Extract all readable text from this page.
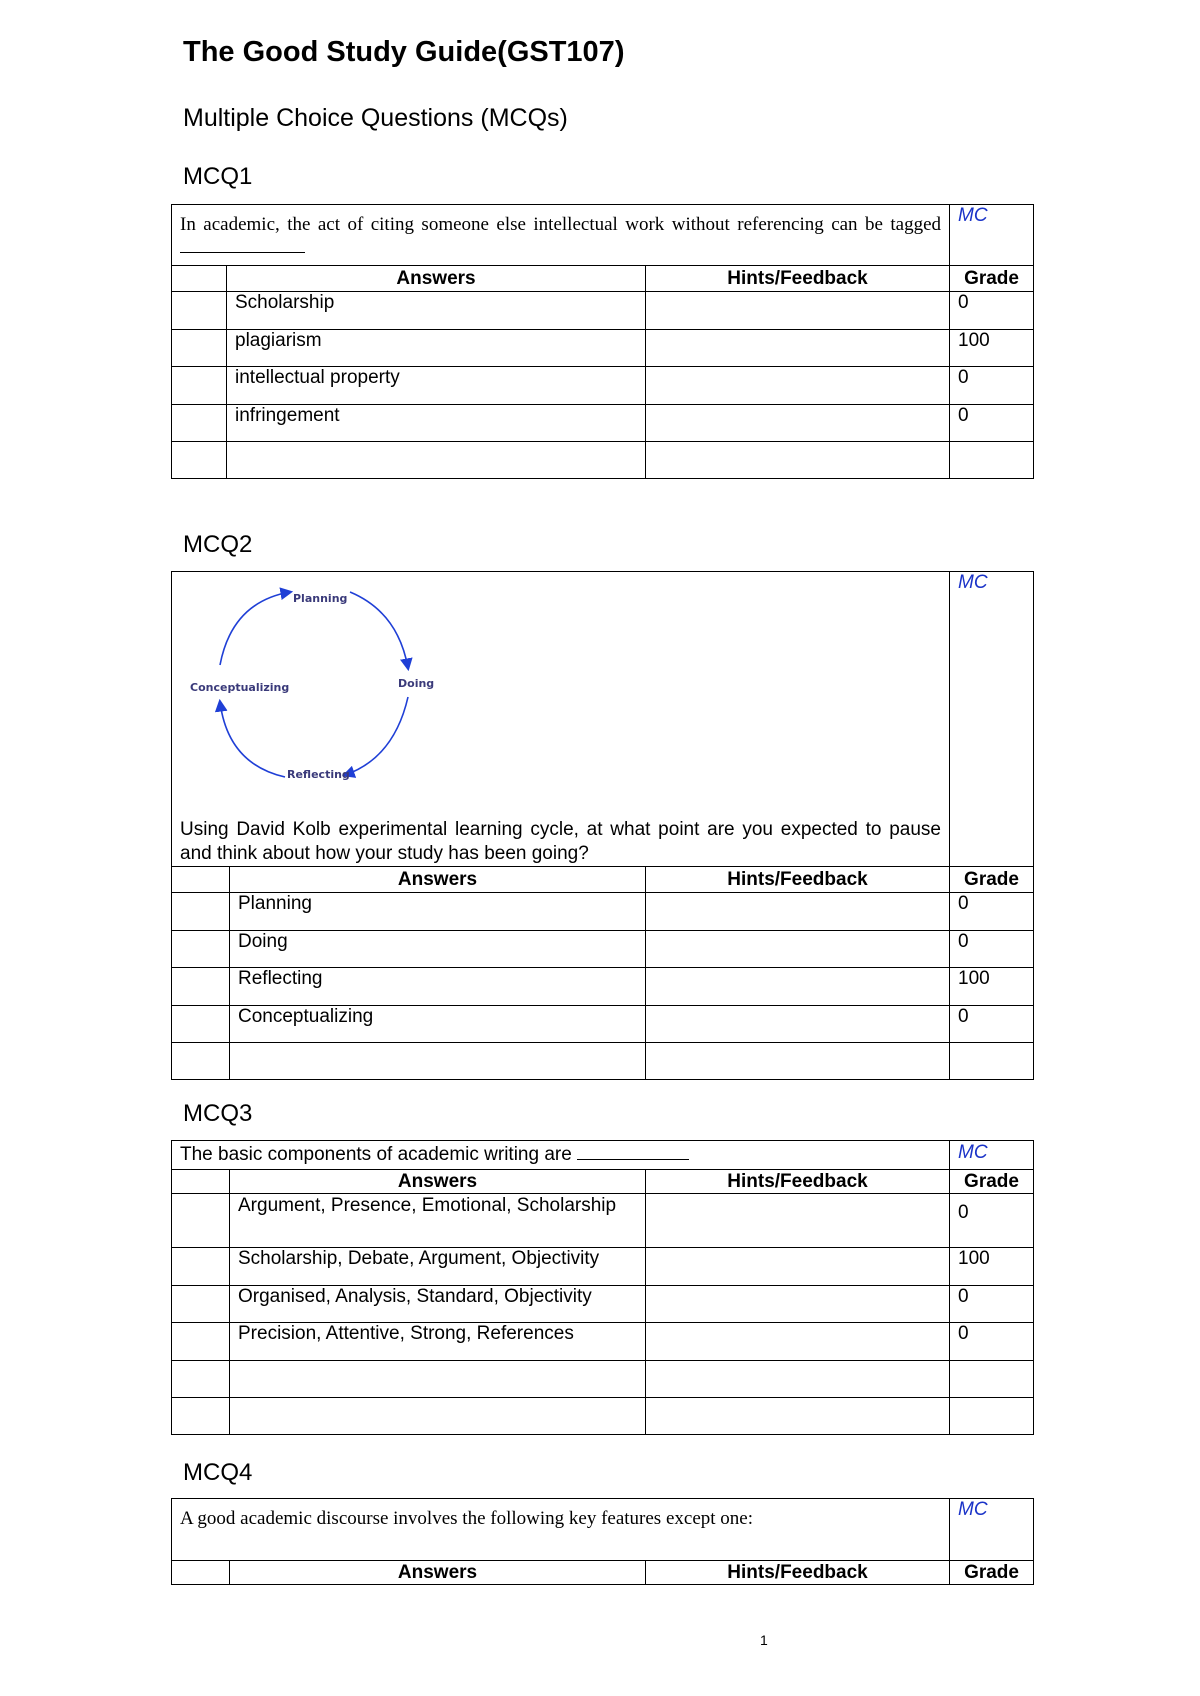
The Good Study Guide(GST107)
Multiple Choice Questions (MCQs)
MCQ1
In academic, the act of citing someone else intellectual work without referencing can be tagged			MC
	Answers	Hints/Feedback	Grade
	Scholarship		0
	plagiarism		100
	intellectual property		0
	infringement		0

MCQ2
Planning
Doing
Reflecting
Conceptualizing
Using David Kolb experimental learning cycle, at what point are you expected to pause and think about how your study has been going?			MC
	Answers	Hints/Feedback	Grade
	Planning		0
	Doing		0
	Reflecting		100
	Conceptualizing		0

MCQ3
The basic components of academic writing are			MC
	Answers	Hints/Feedback	Grade
	Argument, Presence, Emotional, Scholarship		0
	Scholarship, Debate, Argument, Objectivity		100
	Organised, Analysis, Standard, Objectivity		0
	Precision, Attentive, Strong, References		0

MCQ4
A good academic discourse involves the following key features except one:			MC
	Answers	Hints/Feedback	Grade
1
